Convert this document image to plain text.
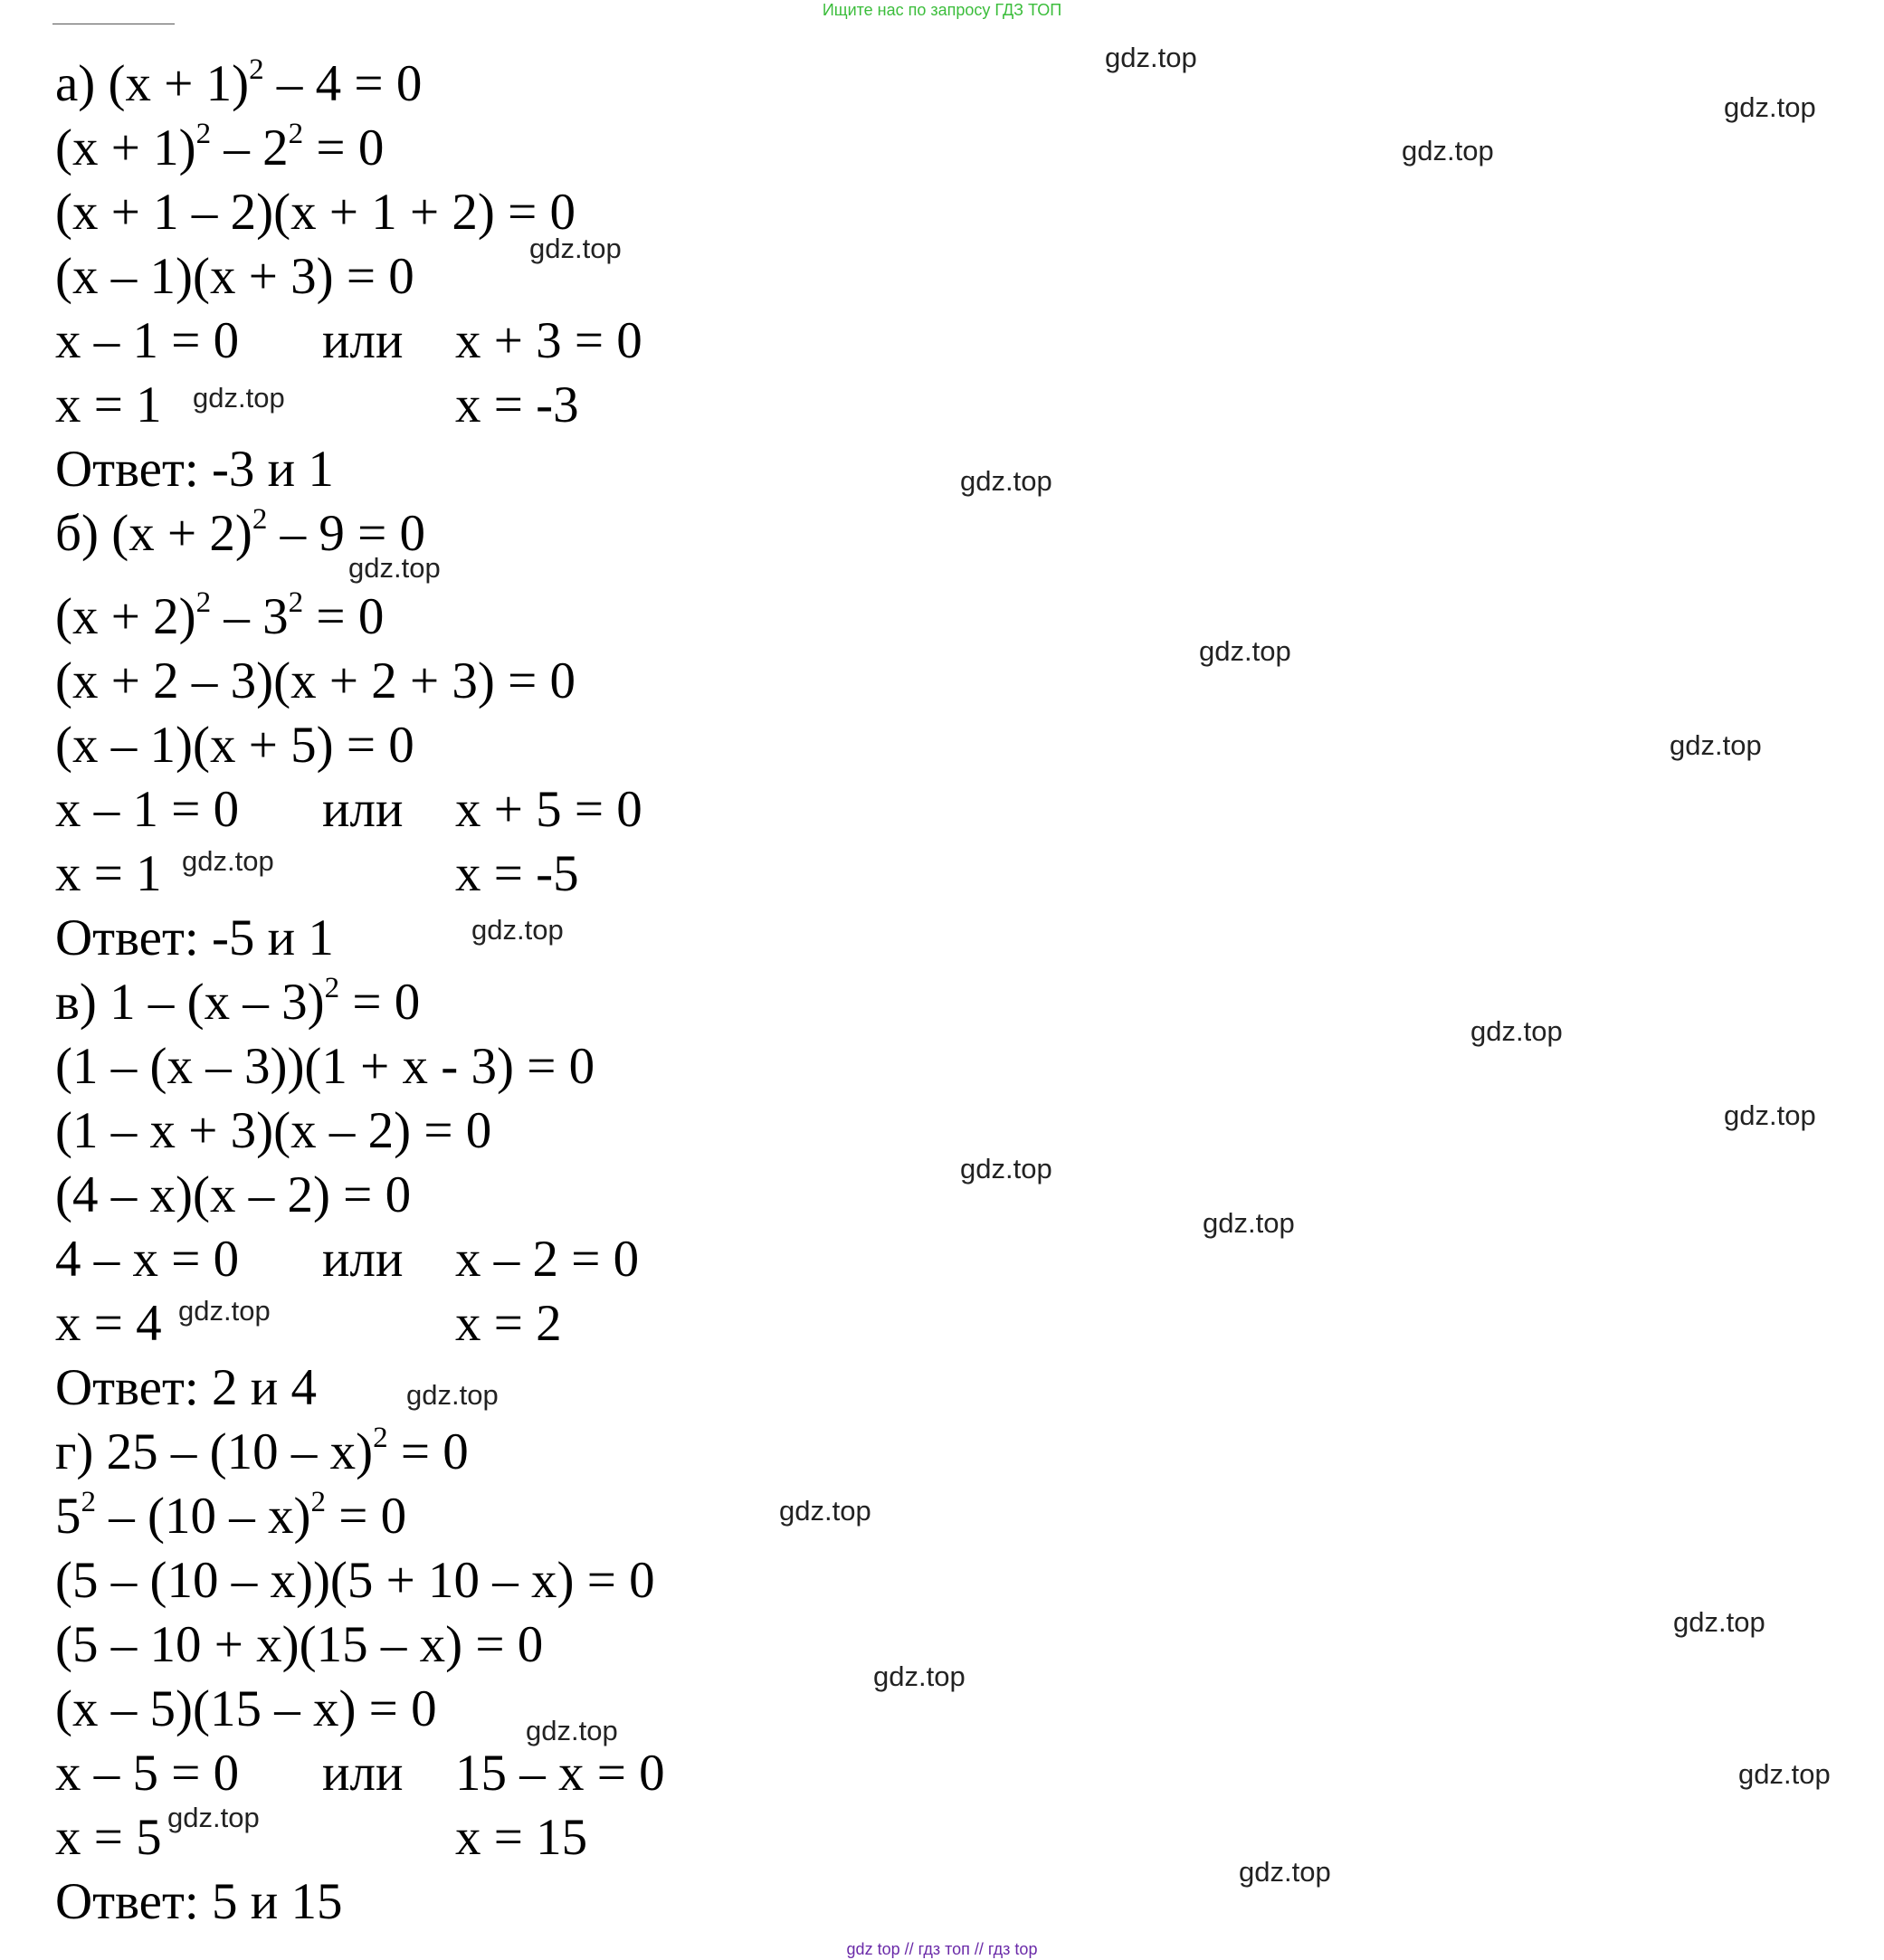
Ищите нас по запросу ГДЗ ТОП
а) $(x + 1)^2 - 4 = 0$
$(x + 1)^2 - 2^2 = 0$
(x + 1 – 2)(x + 1 + 2) = 0
(x – 1)(x + 3) = 0
x – 1 = 0 или x + 3 = 0
x = 1	x = -3
Ответ: -3 и 1
б) $(x + 2)^2 - 9 = 0$
$(x + 2)^2 - 3^2 = 0$
(x + 2 – 3)(x + 2 + 3) = 0
(x – 1)(x + 5) = 0
x – 1 = 0 или x + 5 = 0
x = 1	x = -5
Ответ: -5 и 1
в) 1 – (x – 3)$^2$ = 0
(1 – (x – 3))(1 + x - 3) = 0
(1 – x + 3)(x – 2) = 0
(4 – x)(x – 2) = 0
4 – x = 0 или x – 2 = 0
x = 4	x = 2
Ответ: 2 и 4
г) 25 – (10 – x)$^2$ = 0
$5^2 - (10 - x)^2 = 0$
(5 – (10 – x))(5 + 10 – x) = 0
(5 – 10 + x)(15 – x) = 0
(x – 5)(15 – x) = 0
x – 5 = 0 или 15 – x = 0
x = 5	x = 15
Ответ: 5 и 15
gdz.top
gdz.top
gdz.top
gdz.top
gdz.top
gdz.top
gdz.top
gdz.top
gdz.top
gdz.top
gdz.top
gdz.top
gdz.top
gdz.top
gdz.top
gdz.top
gdz.top
gdz.top
gdz.top
gdz.top
gdz.top
gdz.top
gdz.top
gdz.top
gdz top // гдз топ // гдз top
